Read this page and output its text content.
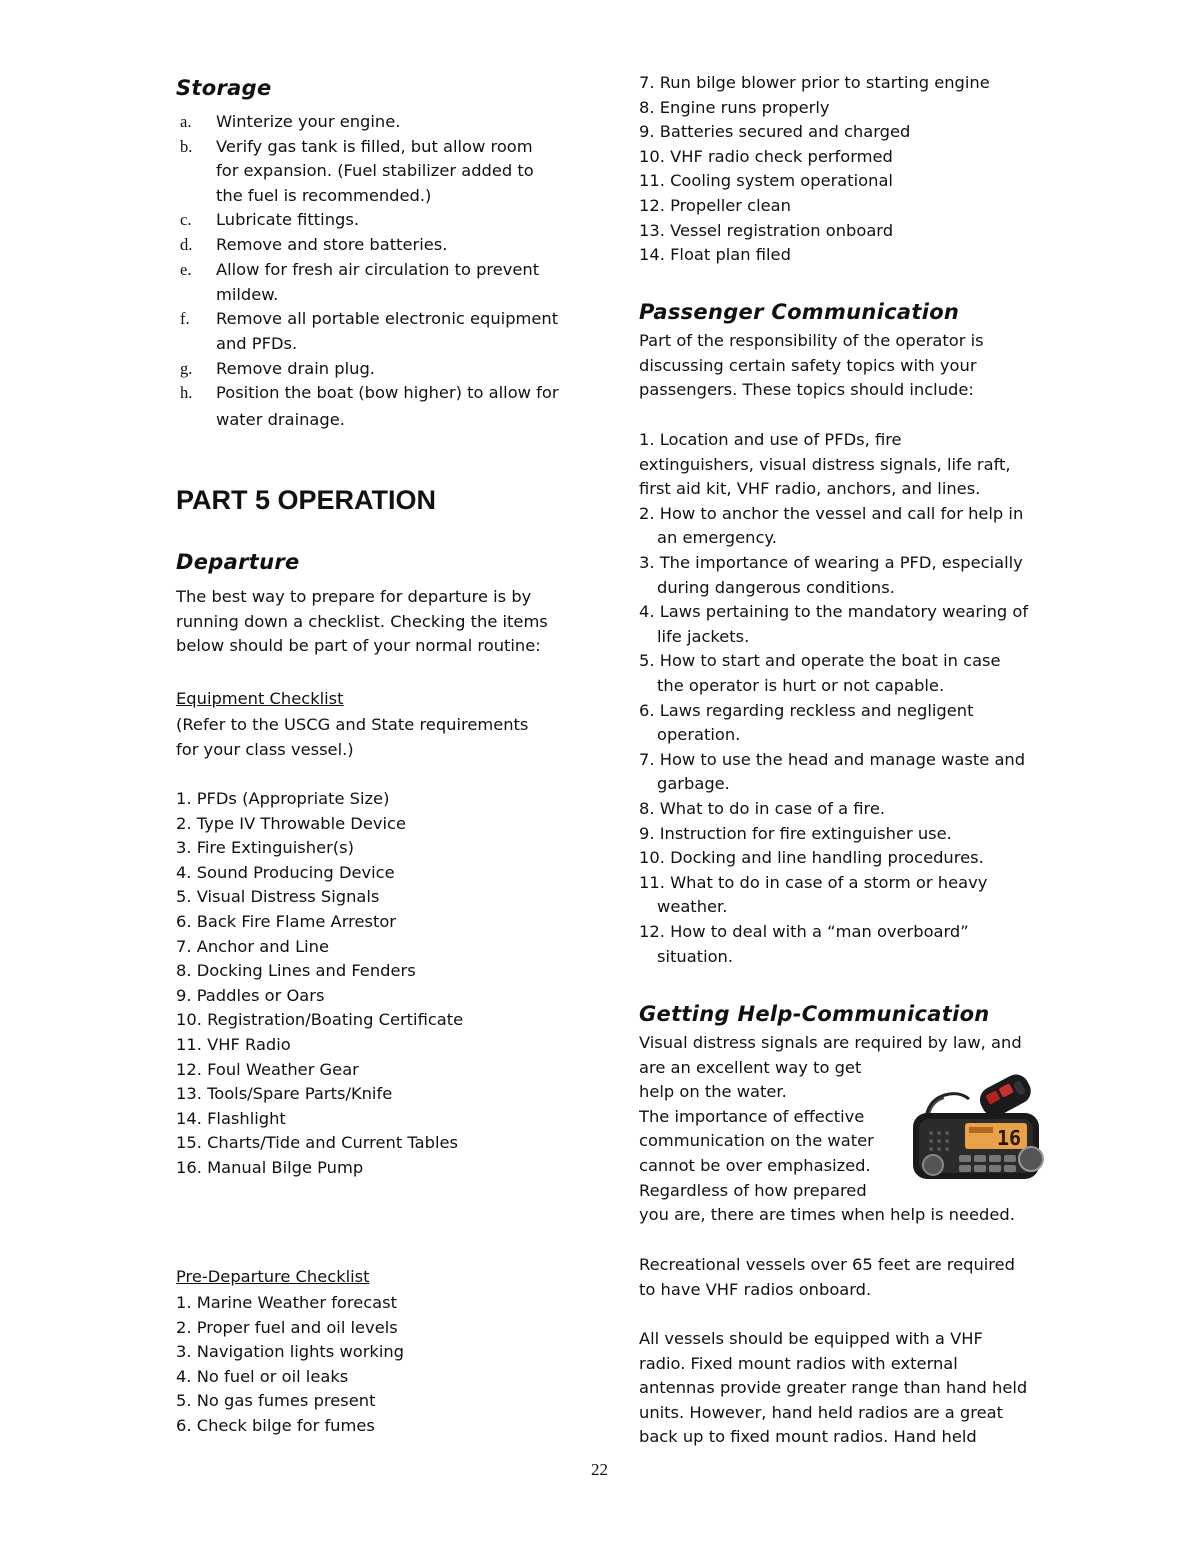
Storage
a. Winterize your engine.
b. Verify gas tank is filled, but allow room
for expansion. (Fuel stabilizer added to
the fuel is recommended.)
c. Lubricate fittings.
d. Remove and store batteries.
e. Allow for fresh air circulation to prevent
mildew.
f. Remove all portable electronic equipment
and PFDs.
g. Remove drain plug.
h. Position the boat (bow higher) to allow for
water drainage.
PART 5 OPERATION
Departure
The best way to prepare for departure is by
running down a checklist. Checking the items
below should be part of your normal routine:
Equipment Checklist
(Refer to the USCG and State requirements
for your class vessel.)
1. PFDs (Appropriate Size)
2. Type IV Throwable Device
3. Fire Extinguisher(s)
4. Sound Producing Device
5. Visual Distress Signals
6. Back Fire Flame Arrestor
7. Anchor and Line
8. Docking Lines and Fenders
9. Paddles or Oars
10. Registration/Boating Certificate
11. VHF Radio
12. Foul Weather Gear
13. Tools/Spare Parts/Knife
14. Flashlight
15. Charts/Tide and Current Tables
16. Manual Bilge Pump
Pre-Departure Checklist
1. Marine Weather forecast
2. Proper fuel and oil levels
3. Navigation lights working
4. No fuel or oil leaks
5. No gas fumes present
6. Check bilge for fumes
7. Run bilge blower prior to starting engine
8. Engine runs properly
9. Batteries secured and charged
10. VHF radio check performed
11. Cooling system operational
12. Propeller clean
13. Vessel registration onboard
14. Float plan filed
Passenger Communication
Part of the responsibility of the operator is
discussing certain safety topics with your
passengers. These topics should include:
1. Location and use of PFDs, fire
extinguishers, visual distress signals, life raft,
first aid kit, VHF radio, anchors, and lines.
2. How to anchor the vessel and call for help in
an emergency.
3. The importance of wearing a PFD, especially
during dangerous conditions.
4. Laws pertaining to the mandatory wearing of
life jackets.
5. How to start and operate the boat in case
the operator is hurt or not capable.
6. Laws regarding reckless and negligent
operation.
7. How to use the head and manage waste and
garbage.
8. What to do in case of a fire.
9. Instruction for fire extinguisher use.
10. Docking and line handling procedures.
11. What to do in case of a storm or heavy
weather.
12. How to deal with a “man overboard”
situation.
Getting Help-Communication
Visual distress signals are required by law, and
are an excellent way to get
help on the water.
The importance of effective
communication on the water
cannot be over emphasized.
Regardless of how prepared
you are, there are times when help is needed.
Recreational vessels over 65 feet are required
to have VHF radios onboard.
All vessels should be equipped with a VHF
radio. Fixed mount radios with external
antennas provide greater range than hand held
units. However, hand held radios are a great
back up to fixed mount radios. Hand held
16
22
